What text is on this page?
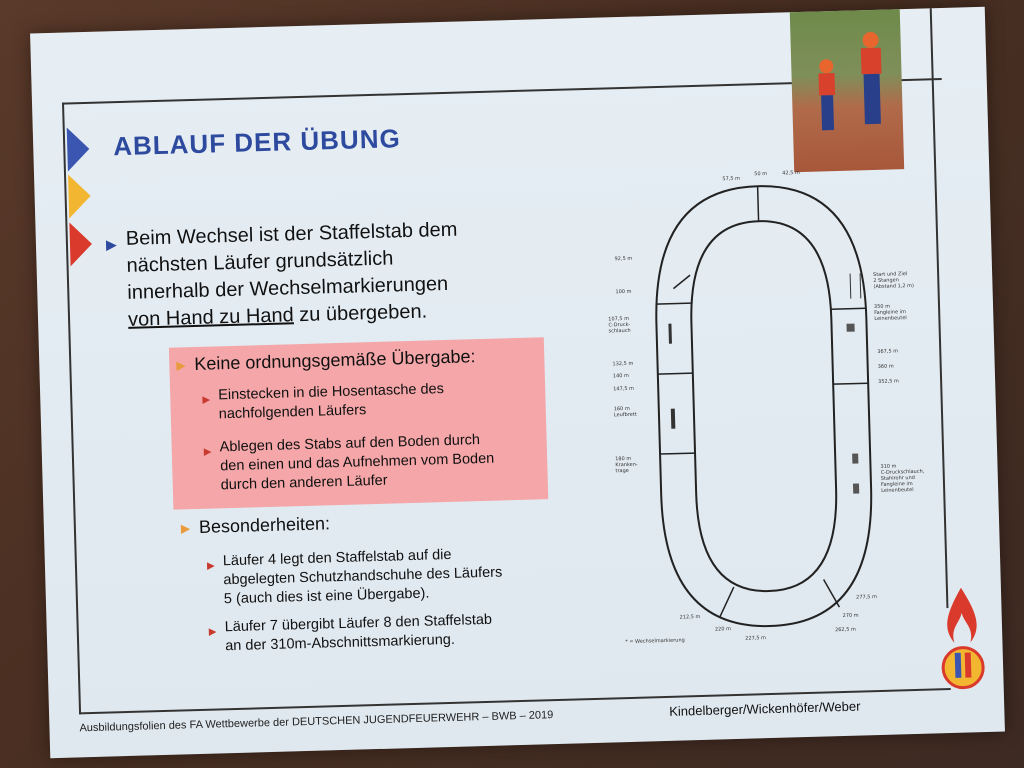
ABLAUF DER ÜBUNG
▶ Beim Wechsel ist der Staffelstab dem
nächsten Läufer grundsätzlich
innerhalb der Wechselmarkierungen
von Hand zu Hand zu übergeben.
▶ Keine ordnungsgemäße Übergabe:
▶ Einstecken in die Hosentasche des
nachfolgenden Läufers
▶ Ablegen des Stabs auf den Boden durch
den einen und das Aufnehmen vom Boden
durch den anderen Läufer
▶ Besonderheiten:
▶ Läufer 4 legt den Staffelstab auf die
abgelegten Schutzhandschuhe des Läufers
5 (auch dies ist eine Übergabe).
▶ Läufer 7 übergibt Läufer 8 den Staffelstab
an der 310m-Abschnittsmarkierung.
57,5 m
50 m	42,5 m
92,5 m
100 m
107,5 m
C-Druck-
schlauch
132,5 m
140 m
147,5 m
160 m
Leufbrett
180 m
Kranken-
trage
Start und Ziel
2 Stangen
(Abstand 1,2 m)
350 m
Fangleine im
Leinenbeutel
367,5 m
360 m
352,5 m
310 m
C-Druckschlauch,
Stahlrohr und
Fangleine im
Leinenbeutel
277,5 m
270 m
262,5 m
212,5 m
220 m
227,5 m
* = Wechselmarkierung
Ausbildungsfolien des FA Wettbewerbe der DEUTSCHEN JUGENDFEUERWEHR – BWB – 2019
Kindelberger/Wickenhöfer/Weber
